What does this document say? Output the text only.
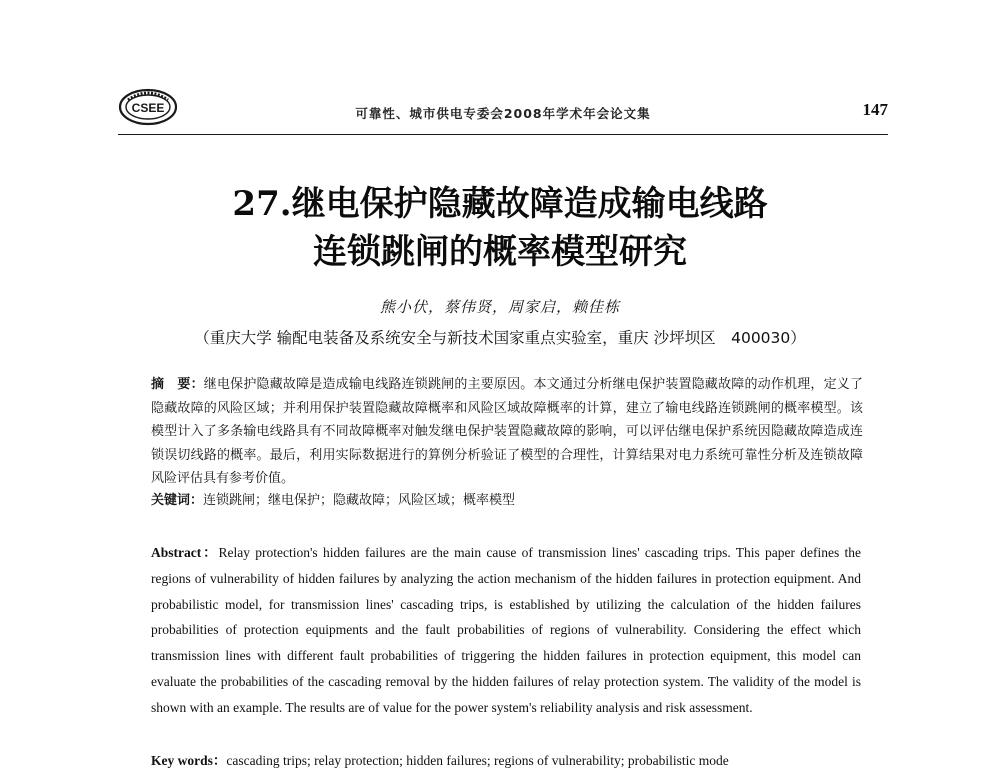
CSEE	可靠性、城市供电专委会2008年学术年会论文集	147
27.继电保护隐藏故障造成输电线路
连锁跳闸的概率模型研究
熊小伏，蔡伟贤，周家启，赖佳栋
（重庆大学 输配电装备及系统安全与新技术国家重点实验室，重庆 沙坪坝区　400030）
摘　要：继电保护隐藏故障是造成输电线路连锁跳闸的主要原因。本文通过分析继电保护装置隐藏故障的动作机理，定义了隐藏故障的风险区域；并利用保护装置隐藏故障概率和风险区域故障概率的计算，建立了输电线路连锁跳闸的概率模型。该模型计入了多条输电线路具有不同故障概率对触发继电保护装置隐藏故障的影响，可以评估继电保护系统因隐藏故障造成连锁误切线路的概率。最后，利用实际数据进行的算例分析验证了模型的合理性，计算结果对电力系统可靠性分析及连锁故障风险评估具有参考价值。
关键词：连锁跳闸；继电保护；隐藏故障；风险区域；概率模型
Abstract：Relay protection's hidden failures are the main cause of transmission lines' cascading trips. This paper defines the regions of vulnerability of hidden failures by analyzing the action mechanism of the hidden failures in protection equipment. And probabilistic model, for transmission lines' cascading trips, is established by utilizing the calculation of the hidden failures probabilities of protection equipments and the fault probabilities of regions of vulnerability. Considering the effect which transmission lines with different fault probabilities of triggering the hidden failures in protection equipment, this model can evaluate the probabilities of the cascading removal by the hidden failures of relay protection system. The validity of the model is shown with an example. The results are of value for the power system's reliability analysis and risk assessment.
Key words：cascading trips; relay protection; hidden failures; regions of vulnerability; probabilistic mode
